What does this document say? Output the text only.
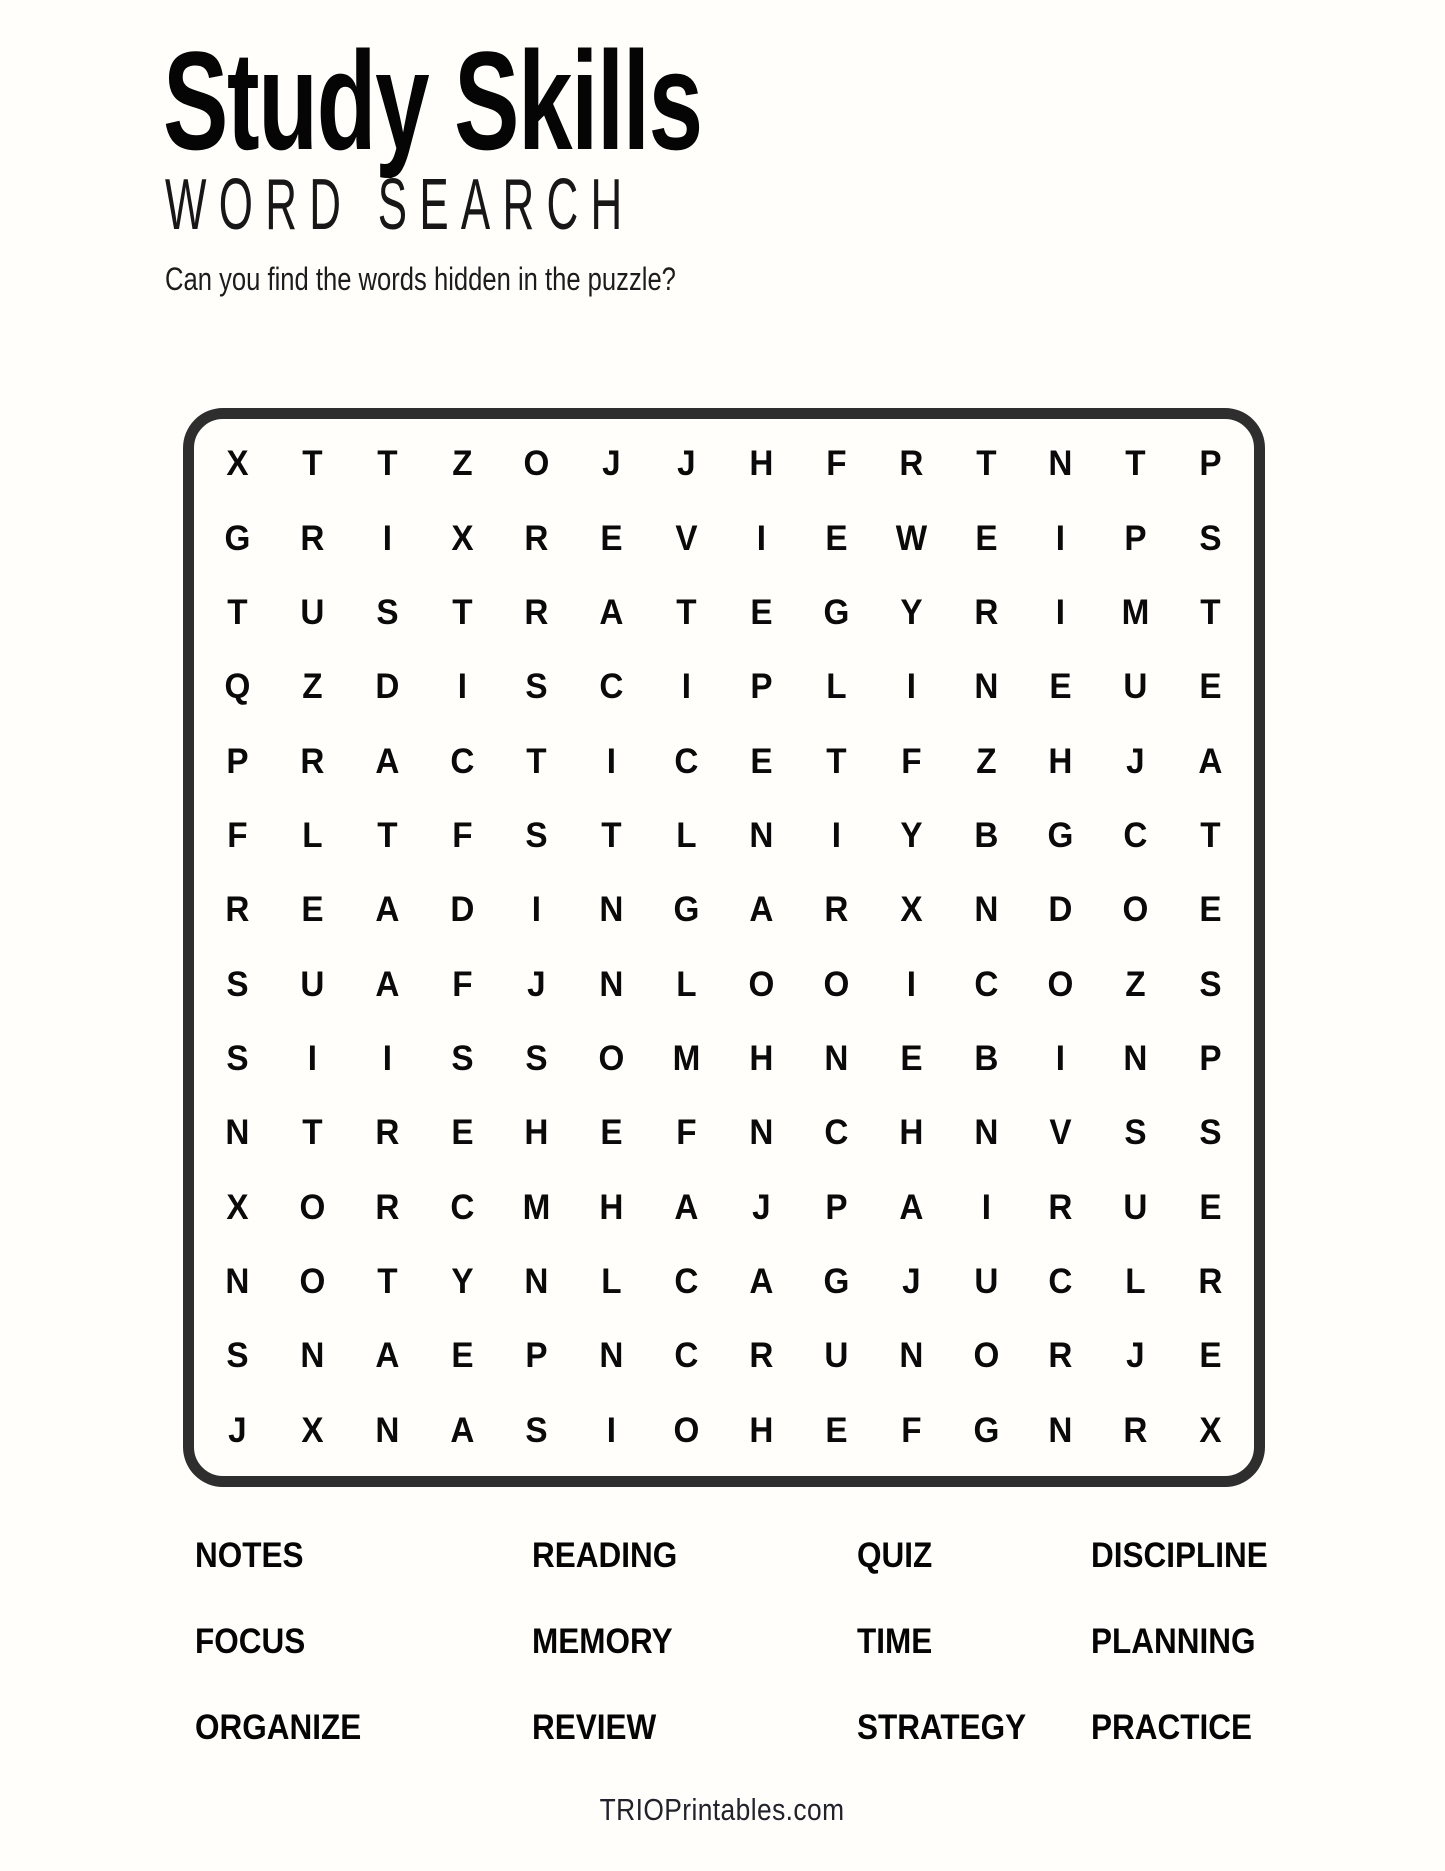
Study Skills
WORD SEARCH

Can you find the words hidden in the puzzle?

X	T	T	Z	O	J	J	H	F	R	T	N	T	P
G	R	I	X	R	E	V	I	E	W	E	I	P	S
T	U	S	T	R	A	T	E	G	Y	R	I	M	T
Q	Z	D	I	S	C	I	P	L	I	N	E	U	E
P	R	A	C	T	I	C	E	T	F	Z	H	J	A
F	L	T	F	S	T	L	N	I	Y	B	G	C	T
R	E	A	D	I	N	G	A	R	X	N	D	O	E
S	U	A	F	J	N	L	O	O	I	C	O	Z	S
S	I	I	S	S	O	M	H	N	E	B	I	N	P
N	T	R	E	H	E	F	N	C	H	N	V	S	S
X	O	R	C	M	H	A	J	P	A	I	R	U	E
N	O	T	Y	N	L	C	A	G	J	U	C	L	R
S	N	A	E	P	N	C	R	U	N	O	R	J	E
J	X	N	A	S	I	O	H	E	F	G	N	R	X
NOTES	READING	QUIZ	DISCIPLINE
FOCUS	MEMORY	TIME	PLANNING
ORGANIZE	REVIEW	STRATEGY	PRACTICE
TRIOPrintables.com
